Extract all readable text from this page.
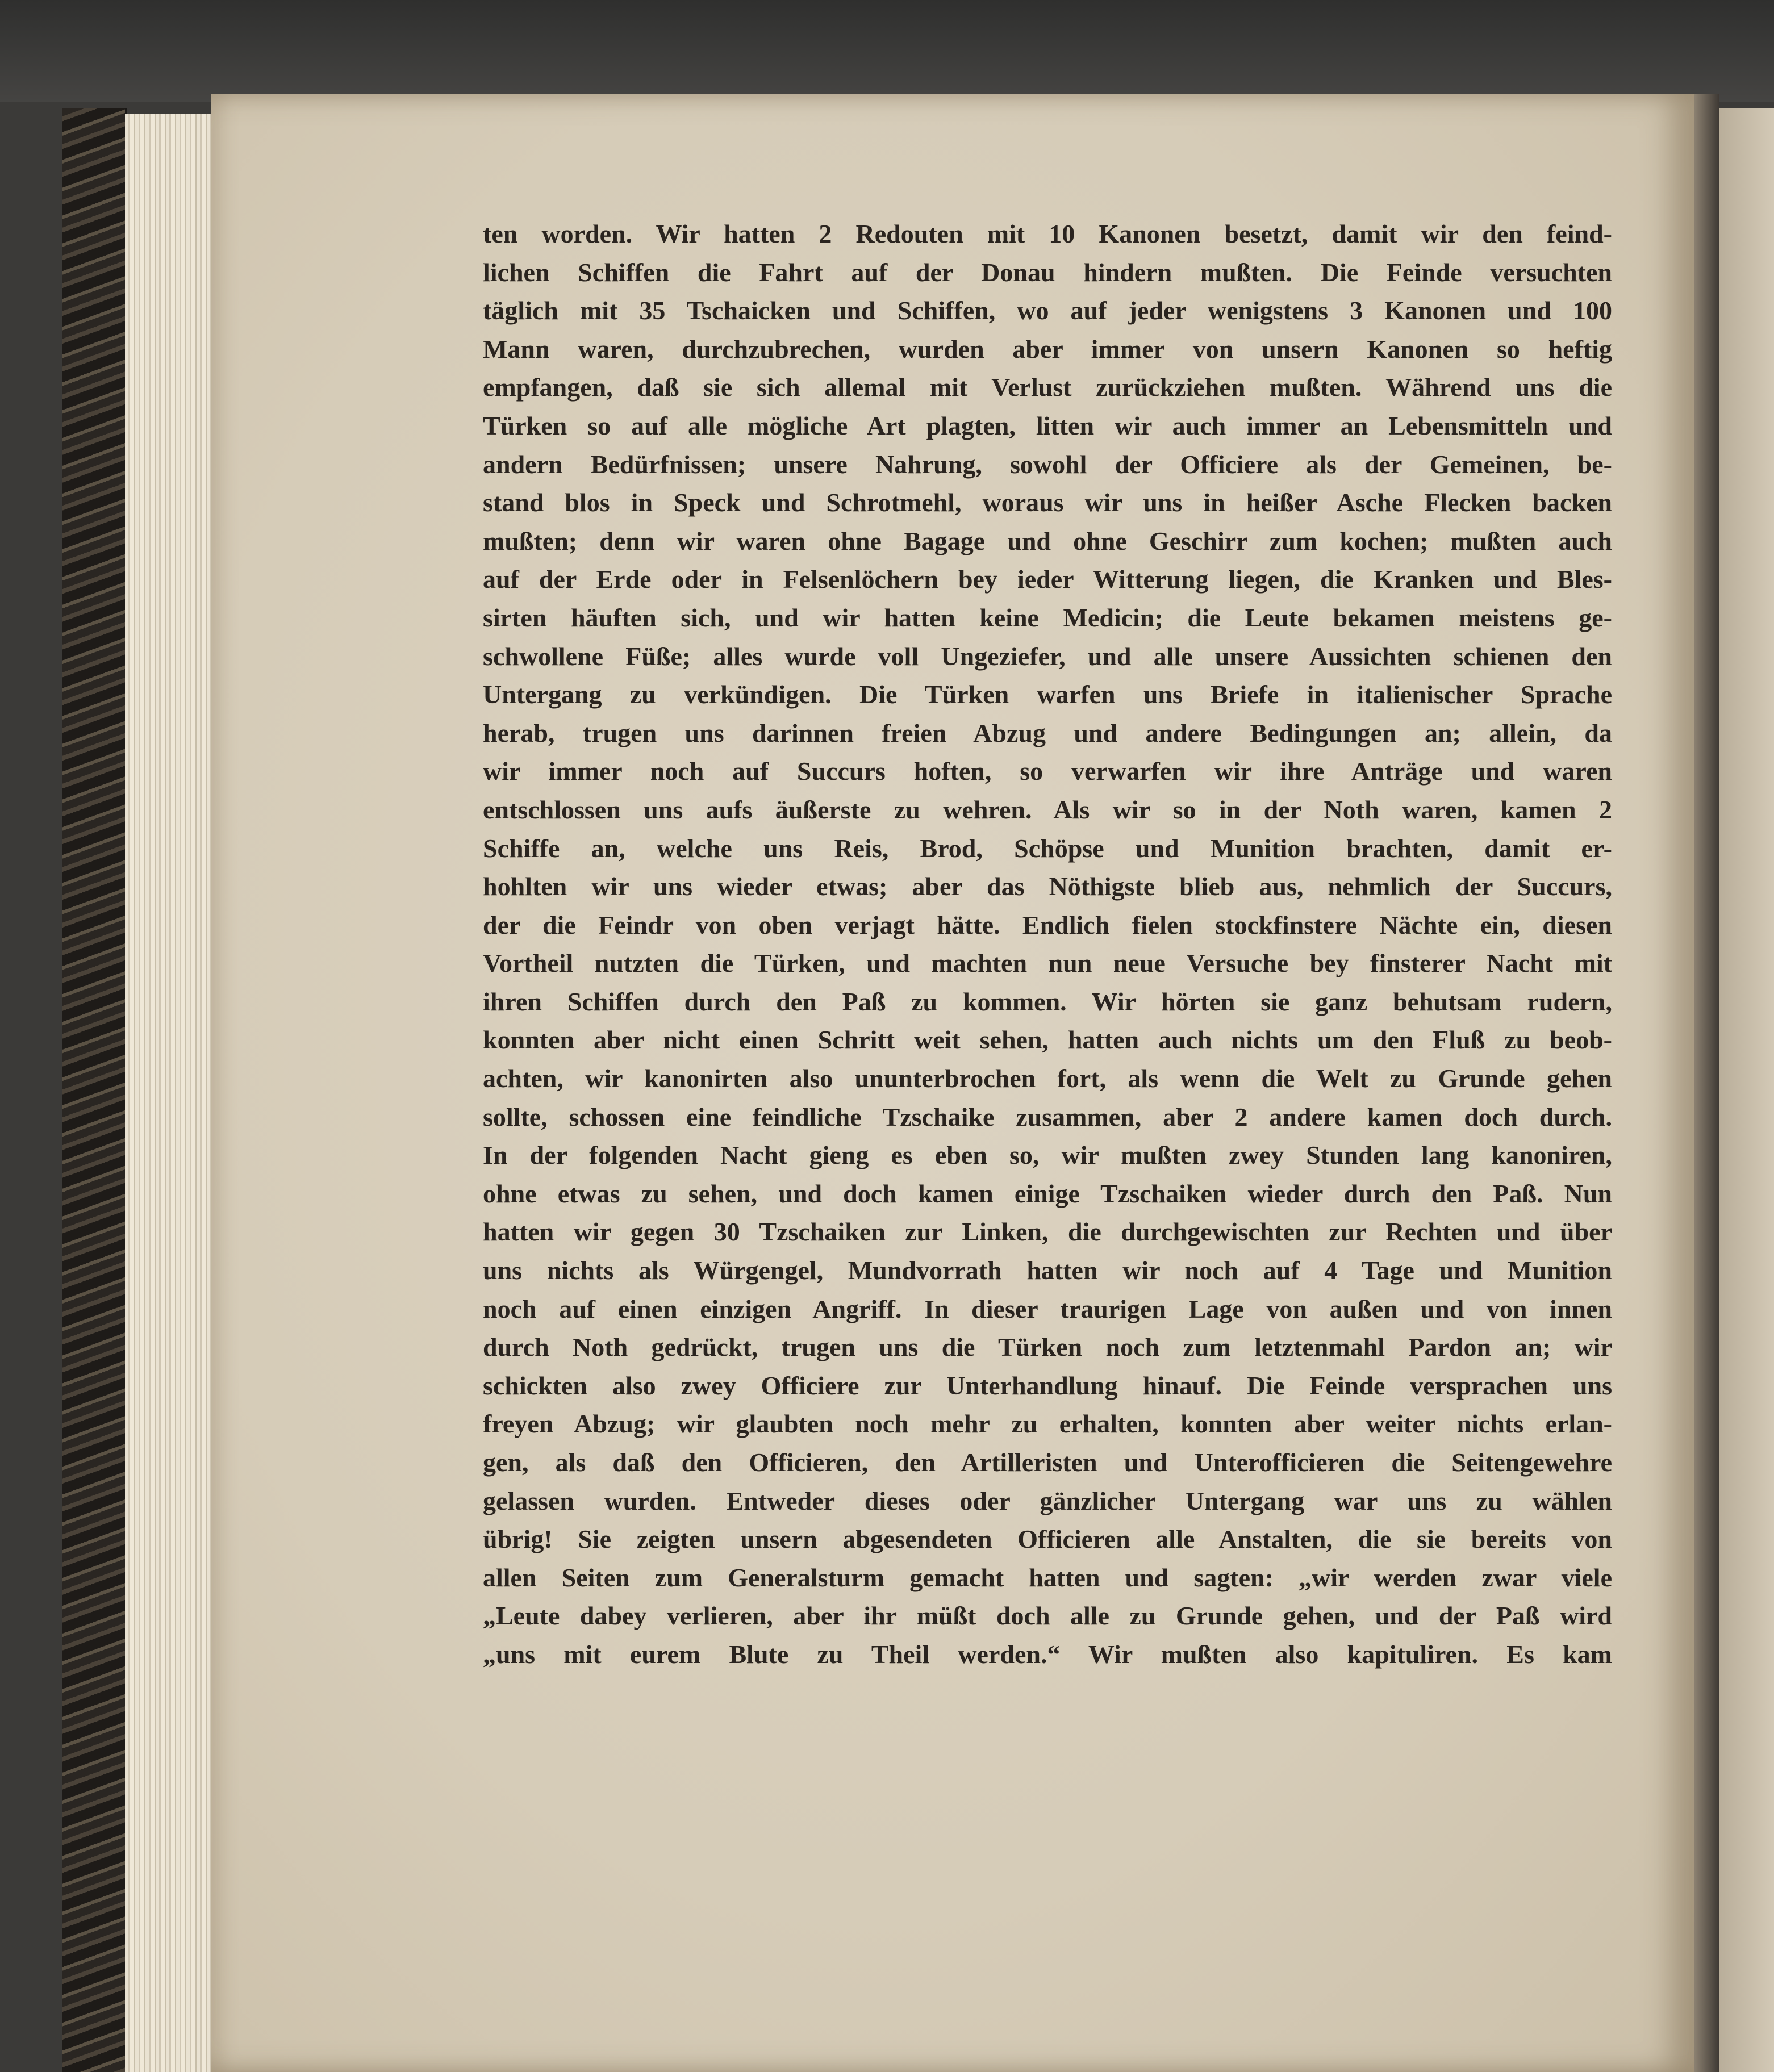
ten worden. Wir hatten 2 Redouten mit 10 Kanonen besetzt, damit wir den feind-
lichen Schiffen die Fahrt auf der Donau hindern mußten. Die Feinde versuchten
täglich mit 35 Tschaicken und Schiffen, wo auf jeder wenigstens 3 Kanonen und 100
Mann waren, durchzubrechen, wurden aber immer von unsern Kanonen so heftig
empfangen, daß sie sich allemal mit Verlust zurückziehen mußten. Während uns die
Türken so auf alle mögliche Art plagten, litten wir auch immer an Lebensmitteln und
andern Bedürfnissen; unsere Nahrung, sowohl der Officiere als der Gemeinen, be-
stand blos in Speck und Schrotmehl, woraus wir uns in heißer Asche Flecken backen
mußten; denn wir waren ohne Bagage und ohne Geschirr zum kochen; mußten auch
auf der Erde oder in Felsenlöchern bey ieder Witterung liegen, die Kranken und Bles-
sirten häuften sich, und wir hatten keine Medicin; die Leute bekamen meistens ge-
schwollene Füße; alles wurde voll Ungeziefer, und alle unsere Aussichten schienen den
Untergang zu verkündigen. Die Türken warfen uns Briefe in italienischer Sprache
herab, trugen uns darinnen freien Abzug und andere Bedingungen an; allein, da
wir immer noch auf Succurs hoften, so verwarfen wir ihre Anträge und waren
entschlossen uns aufs äußerste zu wehren. Als wir so in der Noth waren, kamen 2
Schiffe an, welche uns Reis, Brod, Schöpse und Munition brachten, damit er-
hohlten wir uns wieder etwas; aber das Nöthigste blieb aus, nehmlich der Succurs,
der die Feindr von oben verjagt hätte. Endlich fielen stockfinstere Nächte ein, diesen
Vortheil nutzten die Türken, und machten nun neue Versuche bey finsterer Nacht mit
ihren Schiffen durch den Paß zu kommen. Wir hörten sie ganz behutsam rudern,
konnten aber nicht einen Schritt weit sehen, hatten auch nichts um den Fluß zu beob-
achten, wir kanonirten also ununterbrochen fort, als wenn die Welt zu Grunde gehen
sollte, schossen eine feindliche Tzschaike zusammen, aber 2 andere kamen doch durch.
In der folgenden Nacht gieng es eben so, wir mußten zwey Stunden lang kanoniren,
ohne etwas zu sehen, und doch kamen einige Tzschaiken wieder durch den Paß. Nun
hatten wir gegen 30 Tzschaiken zur Linken, die durchgewischten zur Rechten und über
uns nichts als Würgengel, Mundvorrath hatten wir noch auf 4 Tage und Munition
noch auf einen einzigen Angriff. In dieser traurigen Lage von außen und von innen
durch Noth gedrückt, trugen uns die Türken noch zum letztenmahl Pardon an; wir
schickten also zwey Officiere zur Unterhandlung hinauf. Die Feinde versprachen uns
freyen Abzug; wir glaubten noch mehr zu erhalten, konnten aber weiter nichts erlan-
gen, als daß den Officieren, den Artilleristen und Unterofficieren die Seitengewehre
gelassen wurden. Entweder dieses oder gänzlicher Untergang war uns zu wählen
übrig! Sie zeigten unsern abgesendeten Officieren alle Anstalten, die sie bereits von
allen Seiten zum Generalsturm gemacht hatten und sagten: „wir werden zwar viele
„Leute dabey verlieren, aber ihr müßt doch alle zu Grunde gehen, und der Paß wird
„uns mit eurem Blute zu Theil werden.“ Wir mußten also kapituliren. Es kam
